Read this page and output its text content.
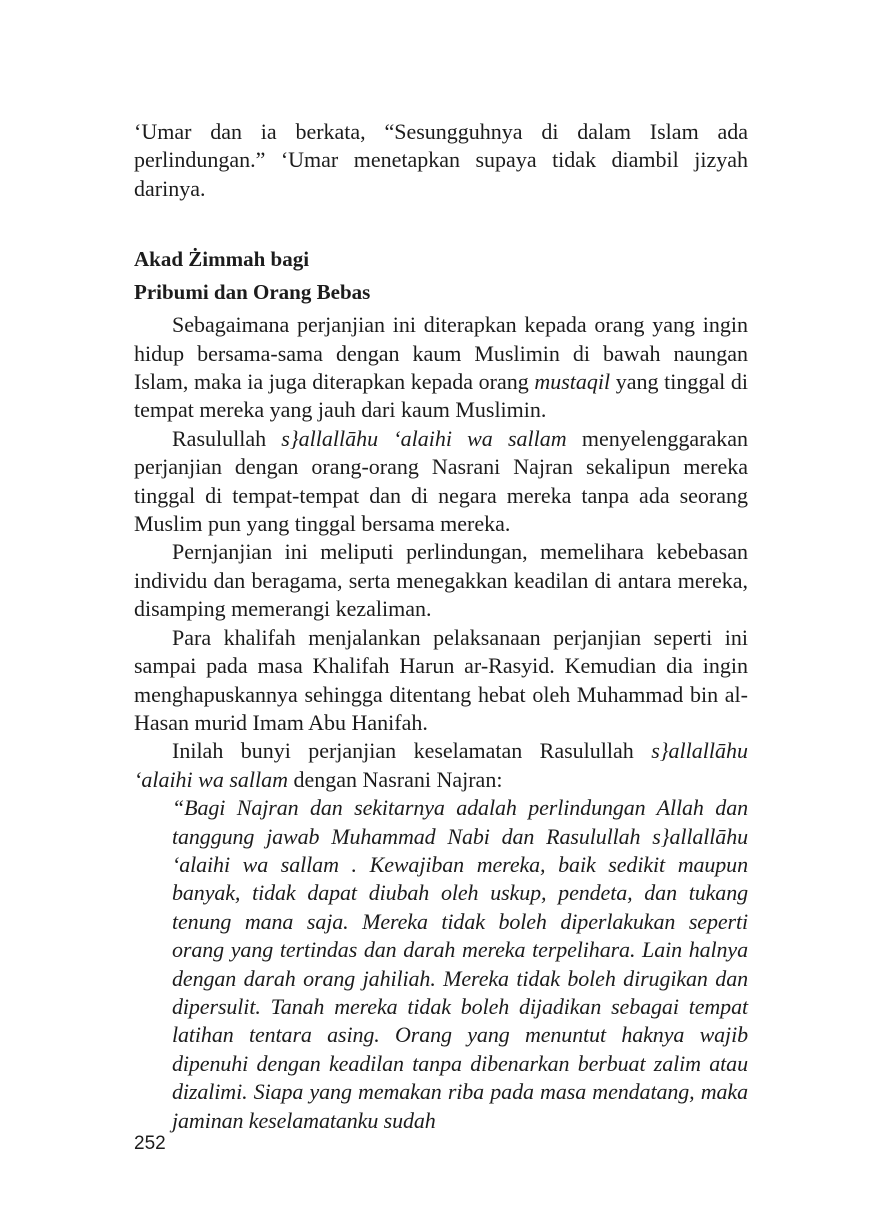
‘Umar dan ia berkata, “Sesungguhnya di dalam Islam ada perlindungan.” ‘Umar menetapkan supaya tidak diambil jizyah darinya.

Akad Żimmah bagi
Pribumi dan Orang Bebas

Sebagaimana perjanjian ini diterapkan kepada orang yang ingin hidup bersama-sama dengan kaum Muslimin di bawah naungan Islam, maka ia juga diterapkan kepada orang mustaqil yang tinggal di tempat mereka yang jauh dari kaum Muslimin.

Rasulullah s}allallāhu ‘alaihi wa sallam menyelenggarakan perjanjian dengan orang-orang Nasrani Najran sekalipun mereka tinggal di tempat-tempat dan di negara mereka tanpa ada seorang Muslim pun yang tinggal bersama mereka.

Pernjanjian ini meliputi perlindungan, memelihara kebebasan individu dan beragama, serta menegakkan keadilan di antara mereka, disamping memerangi kezaliman.

Para khalifah menjalankan pelaksanaan perjanjian seperti ini sampai pada masa Khalifah Harun ar-Rasyid. Kemudian dia ingin menghapuskannya sehingga ditentang hebat oleh Muhammad bin al-Hasan murid Imam Abu Hanifah.

Inilah bunyi perjanjian keselamatan Rasulullah s}allallāhu ‘alaihi wa sallam dengan Nasrani Najran:

“Bagi Najran dan sekitarnya adalah perlindungan Allah dan tanggung jawab Muhammad Nabi dan Rasulullah s}allallāhu ‘alaihi wa sallam . Kewajiban mereka, baik sedikit maupun banyak, tidak dapat diubah oleh uskup, pendeta, dan tukang tenung mana saja. Mereka tidak boleh diperlakukan seperti orang yang tertindas dan darah mereka terpelihara. Lain halnya dengan darah orang jahiliah. Mereka tidak boleh dirugikan dan dipersulit. Tanah mereka tidak boleh dijadikan sebagai tempat latihan tentara asing. Orang yang menuntut haknya wajib dipenuhi dengan keadilan tanpa dibenarkan berbuat zalim atau dizalimi. Siapa yang memakan riba pada masa mendatang, maka jaminan keselamatanku sudah

252
